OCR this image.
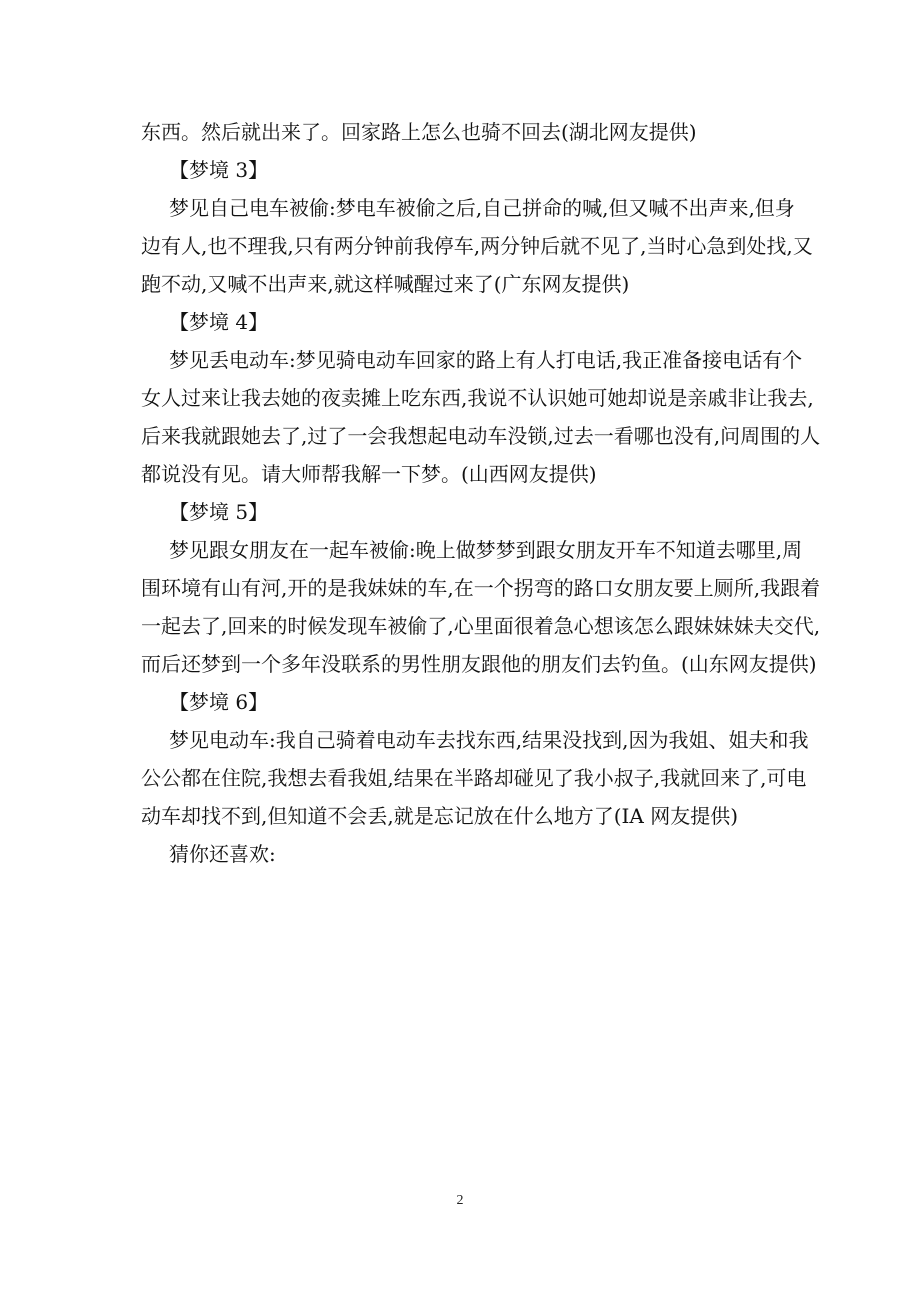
东西。然后就出来了。回家路上怎么也骑不回去(湖北网友提供)

【梦境 3】

梦见自己电车被偷:梦电车被偷之后,自己拼命的喊,但又喊不出声来,但身

边有人,也不理我,只有两分钟前我停车,两分钟后就不见了,当时心急到处找,又

跑不动,又喊不出声来,就这样喊醒过来了(广东网友提供)

【梦境 4】

梦见丢电动车:梦见骑电动车回家的路上有人打电话,我正准备接电话有个

女人过来让我去她的夜卖摊上吃东西,我说不认识她可她却说是亲戚非让我去,

后来我就跟她去了,过了一会我想起电动车没锁,过去一看哪也没有,问周围的人

都说没有见。请大师帮我解一下梦。(山西网友提供)

【梦境 5】

梦见跟女朋友在一起车被偷:晚上做梦梦到跟女朋友开车不知道去哪里,周

围环境有山有河,开的是我妹妹的车,在一个拐弯的路口女朋友要上厕所,我跟着

一起去了,回来的时候发现车被偷了,心里面很着急心想该怎么跟妹妹妹夫交代,

而后还梦到一个多年没联系的男性朋友跟他的朋友们去钓鱼。(山东网友提供)

【梦境 6】

梦见电动车:我自己骑着电动车去找东西,结果没找到,因为我姐、姐夫和我

公公都在住院,我想去看我姐,结果在半路却碰见了我小叔子,我就回来了,可电

动车却找不到,但知道不会丢,就是忘记放在什么地方了(IA 网友提供)

猜你还喜欢:

2
